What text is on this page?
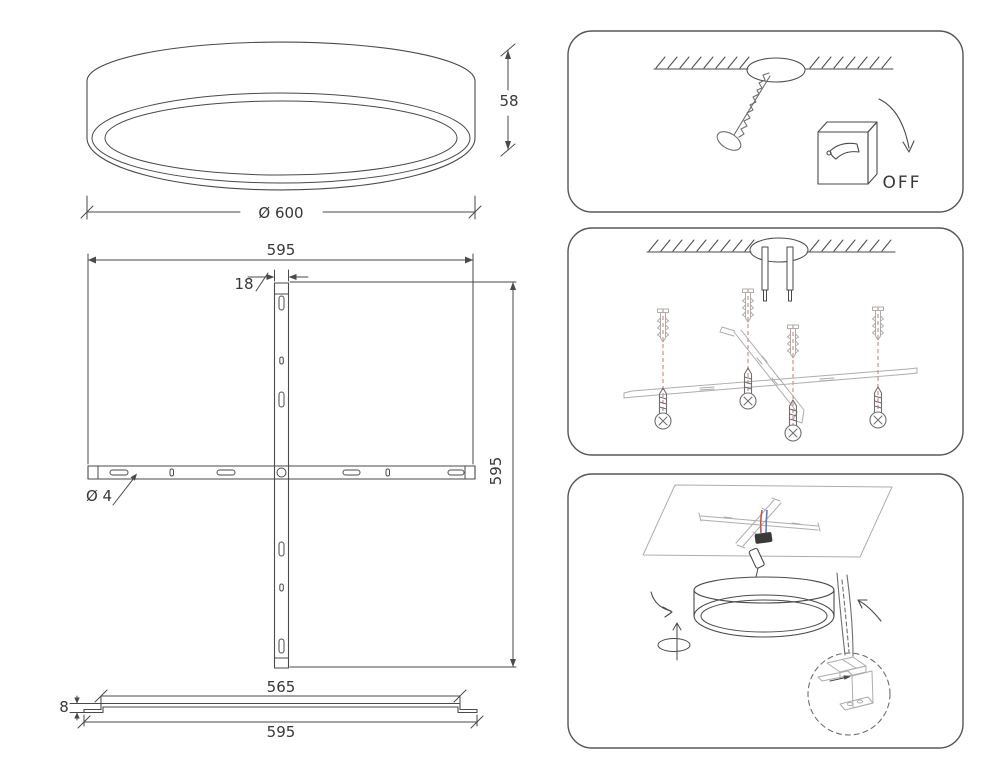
58
Ø 600
595
18
595
Ø 4
565
8
595
OFF
